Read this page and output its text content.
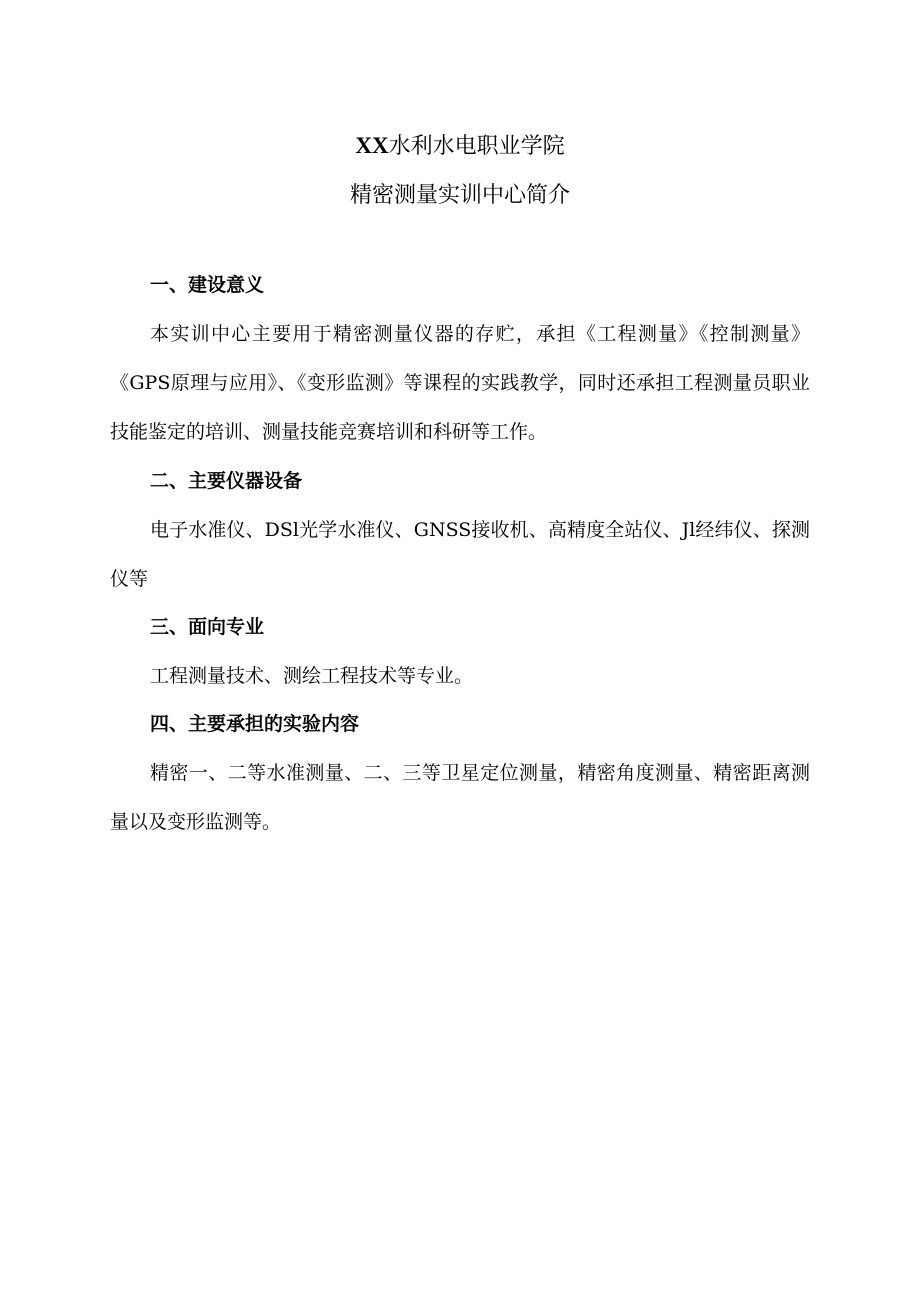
XX水利水电职业学院
精密测量实训中心简介
一、建设意义
本实训中心主要用于精密测量仪器的存贮，承担《工程测量》《控制测量》《GPS原理与应用》、《变形监测》等课程的实践教学，同时还承担工程测量员职业技能鉴定的培训、测量技能竞赛培训和科研等工作。
二、主要仪器设备
电子水准仪、DSl光学水准仪、GNSS接收机、高精度全站仪、Jl经纬仪、探测仪等
三、面向专业
工程测量技术、测绘工程技术等专业。
四、主要承担的实验内容
精密一、二等水准测量、二、三等卫星定位测量，精密角度测量、精密距离测量以及变形监测等。
